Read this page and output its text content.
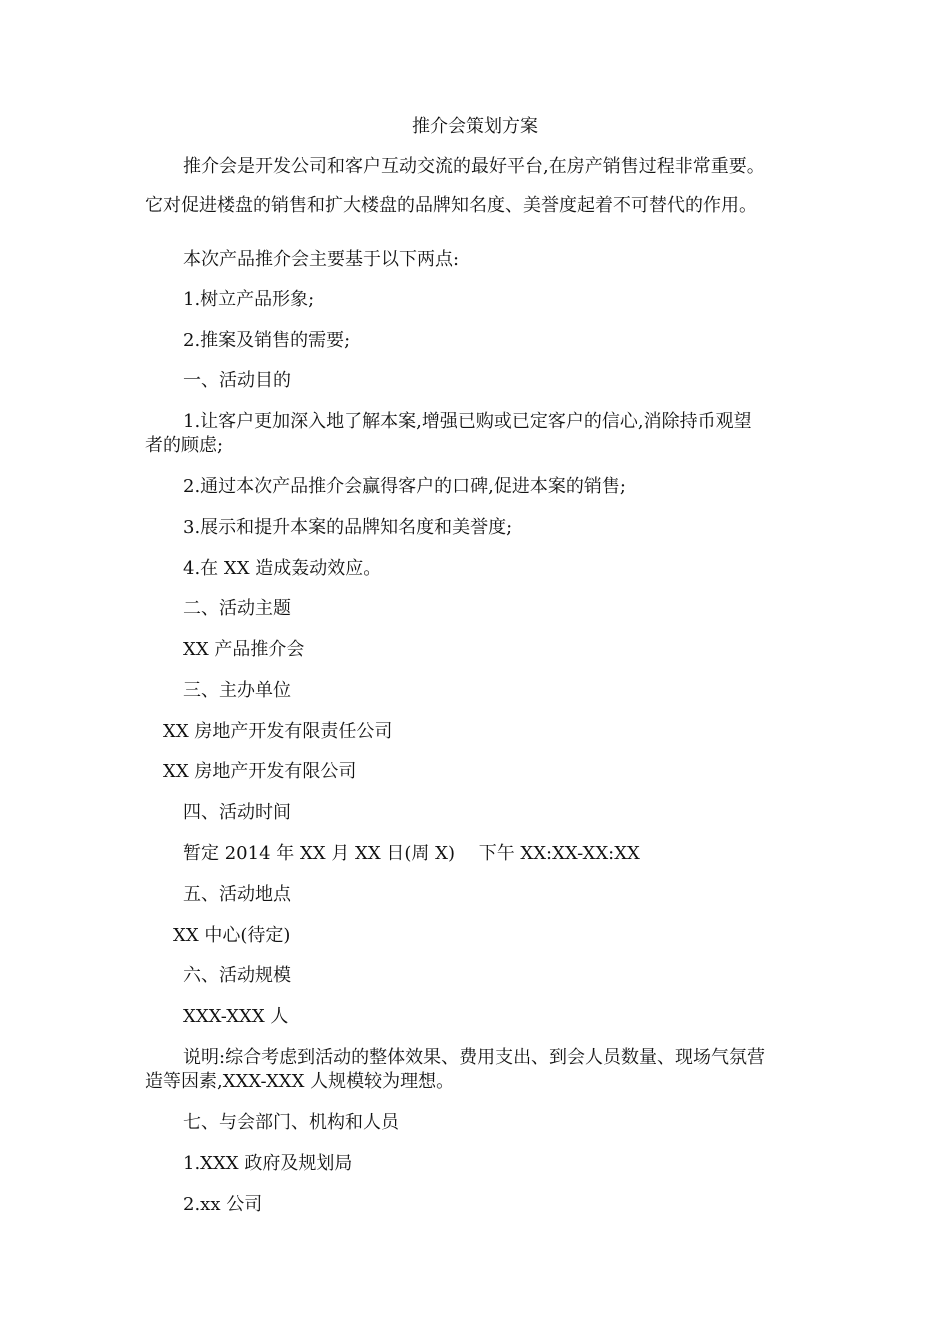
推介会策划方案
推介会是开发公司和客户互动交流的最好平台,在房产销售过程非常重要。
它对促进楼盘的销售和扩大楼盘的品牌知名度、美誉度起着不可替代的作用。
本次产品推介会主要基于以下两点:
1.树立产品形象;
2.推案及销售的需要;
一、活动目的
1.让客户更加深入地了解本案,增强已购或已定客户的信心,消除持币观望
者的顾虑;
2.通过本次产品推介会赢得客户的口碑,促进本案的销售;
3.展示和提升本案的品牌知名度和美誉度;
4.在 XX 造成轰动效应。
二、活动主题
XX 产品推介会
三、主办单位
XX 房地产开发有限责任公司
XX 房地产开发有限公司
四、活动时间
暂定 2014 年 XX 月 XX 日(周 X)　 下午 XX:XX-XX:XX
五、活动地点
XX 中心(待定)
六、活动规模
XXX-XXX 人
说明:综合考虑到活动的整体效果、费用支出、到会人员数量、现场气氛营
造等因素,XXX-XXX 人规模较为理想。
七、与会部门、机构和人员
1.XXX 政府及规划局
2.xx 公司
